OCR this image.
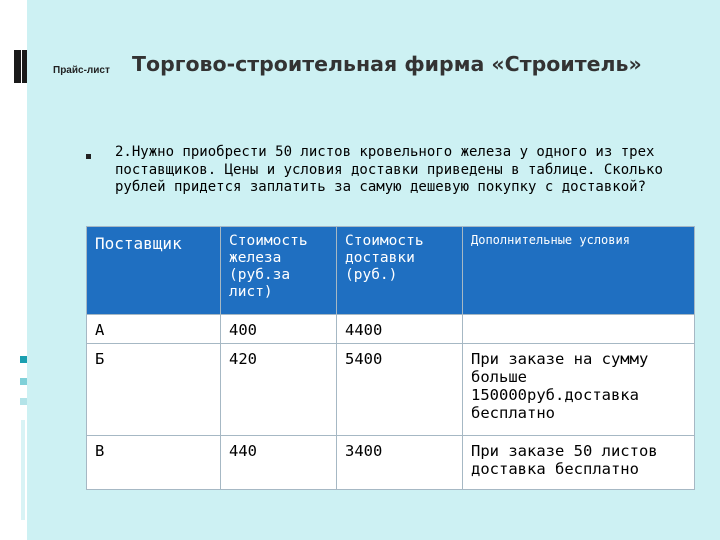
Прайс-лист Торгово-строительная фирма «Строитель»
2.Нужно приобрести 50 листов кровельного железа у одного из трех поставщиков. Цены и условия доставки приведены в таблице. Сколько рублей придется заплатить за самую дешевую покупку с доставкой?
Поставщик	Стоимость железа (руб.за лист)	Стоимость доставки (руб.)	Дополнительные условия
А	400	4400	
Б	420	5400	При заказе на сумму больше 150000руб.доставка бесплатно
В	440	3400	При заказе 50 листов доставка бесплатно
